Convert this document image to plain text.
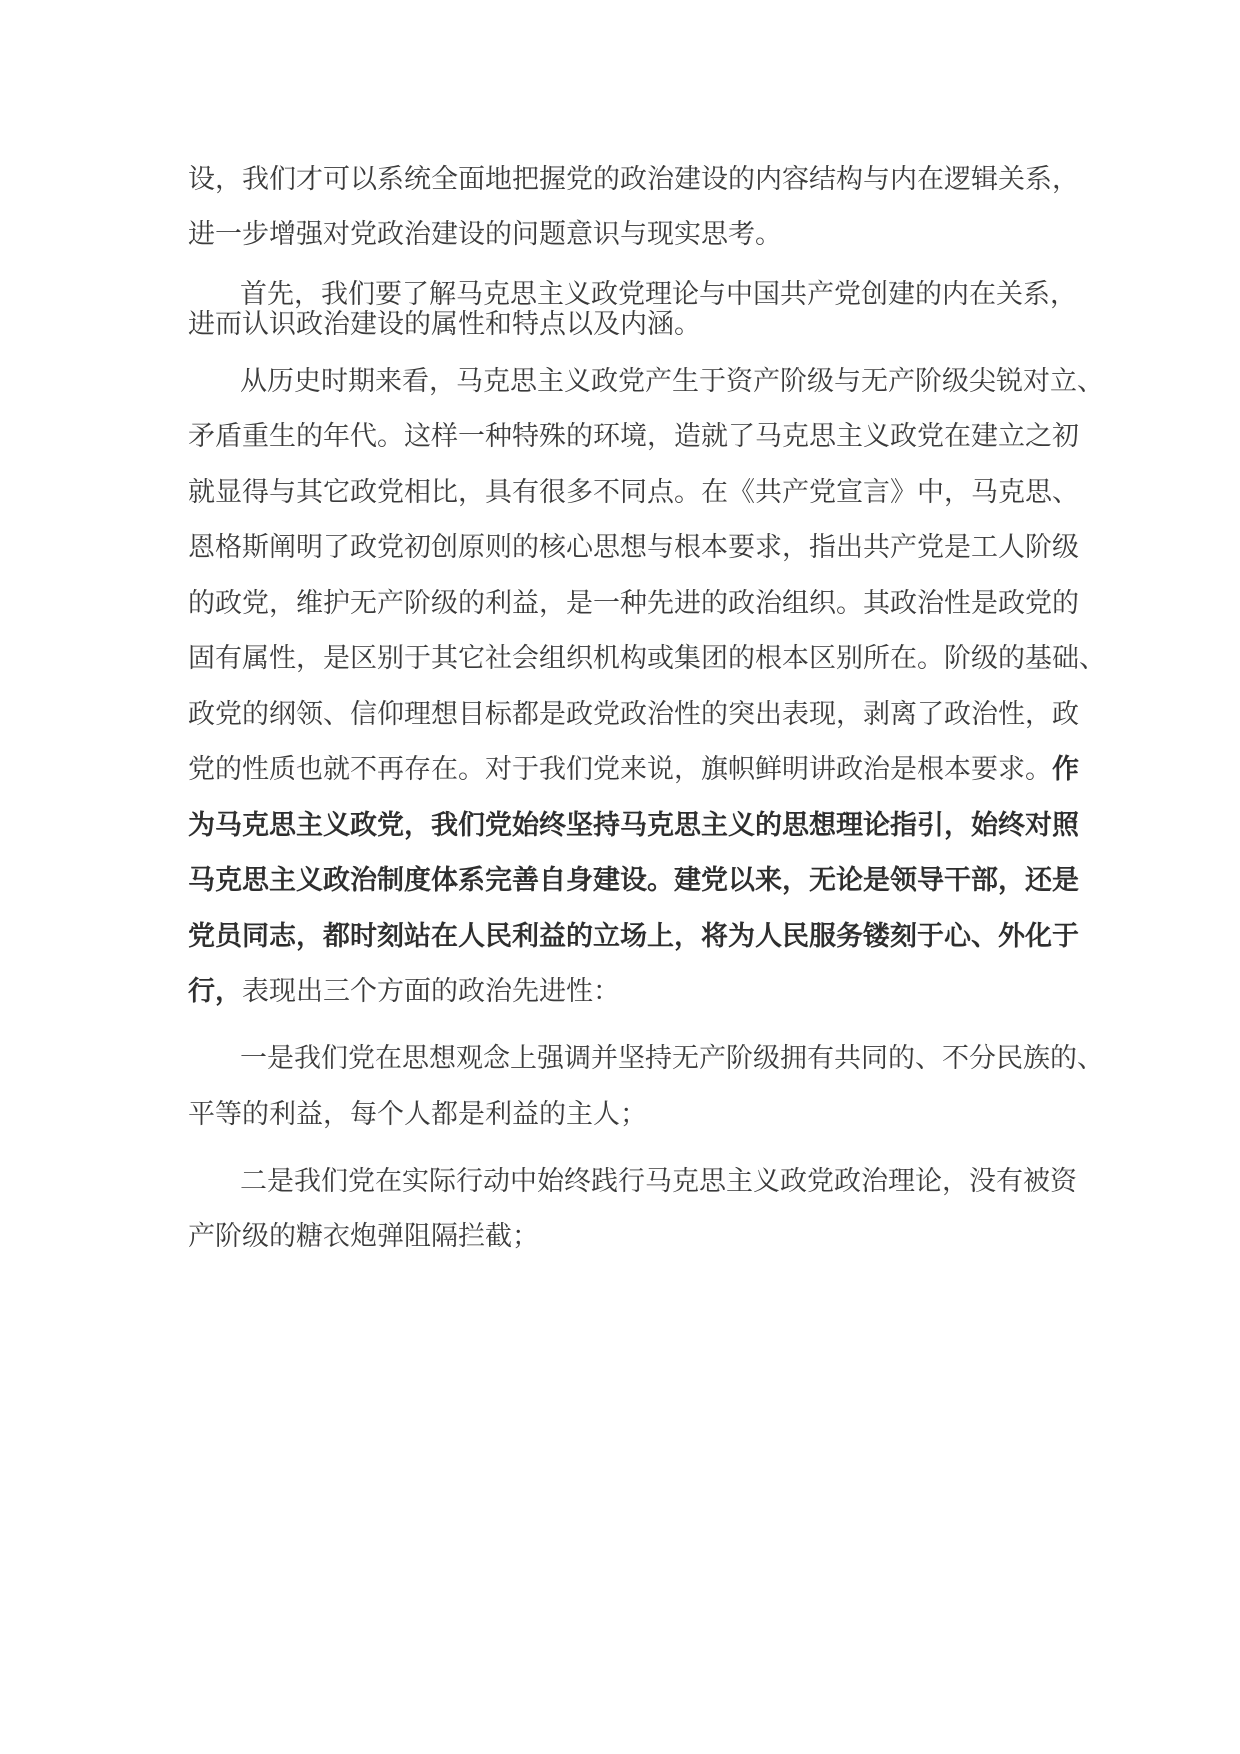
设，我们才可以系统全面地把握党的政治建设的内容结构与内在逻辑关系，
进一步增强对党政治建设的问题意识与现实思考。
首先，我们要了解马克思主义政党理论与中国共产党创建的内在关系，
进而认识政治建设的属性和特点以及内涵。
从历史时期来看，马克思主义政党产生于资产阶级与无产阶级尖锐对立、
矛盾重生的年代。这样一种特殊的环境，造就了马克思主义政党在建立之初
就显得与其它政党相比，具有很多不同点。在《共产党宣言》中，马克思、
恩格斯阐明了政党初创原则的核心思想与根本要求，指出共产党是工人阶级
的政党，维护无产阶级的利益，是一种先进的政治组织。其政治性是政党的
固有属性，是区别于其它社会组织机构或集团的根本区别所在。阶级的基础、
政党的纲领、信仰理想目标都是政党政治性的突出表现，剥离了政治性，政
党的性质也就不再存在。对于我们党来说，旗帜鲜明讲政治是根本要求。作
为马克思主义政党，我们党始终坚持马克思主义的思想理论指引，始终对照
马克思主义政治制度体系完善自身建设。建党以来，无论是领导干部，还是
党员同志，都时刻站在人民利益的立场上，将为人民服务镂刻于心、外化于
行，表现出三个方面的政治先进性：
一是我们党在思想观念上强调并坚持无产阶级拥有共同的、不分民族的、
平等的利益，每个人都是利益的主人；
二是我们党在实际行动中始终践行马克思主义政党政治理论，没有被资
产阶级的糖衣炮弹阻隔拦截；
